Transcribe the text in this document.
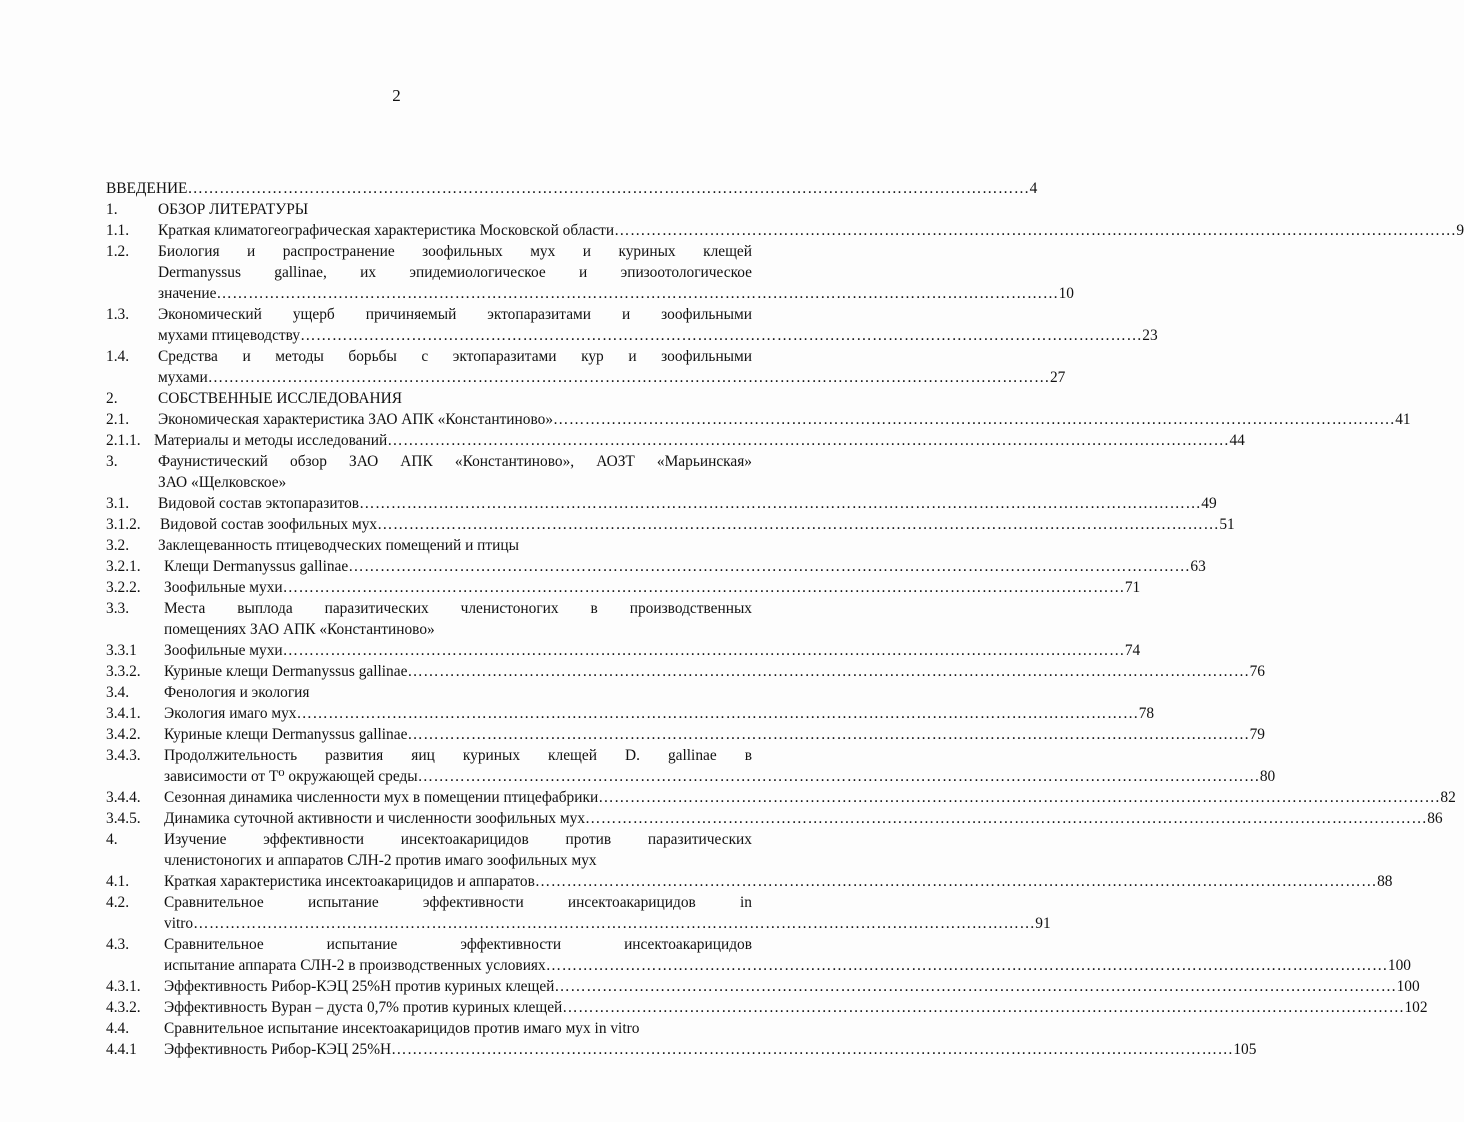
2
ВВЕДЕНИЕ ……………………………………………………………………………………………………………………………………………	4
1.	ОБЗОР ЛИТЕРАТУРЫ
1.1.	Краткая климатогеографическая характеристика Московской области ……………………………………………………………………………………………………………………………………………	9
1.2.	Биология и распространение зоофильных мух и куриных клещей
Dermanyssus gallinae, их эпидемиологическое и эпизоотологическое
значение ……………………………………………………………………………………………………………………………………………	10
1.3.	Экономический ущерб причиняемый эктопаразитами и зоофильными
мухами птицеводству ……………………………………………………………………………………………………………………………………………	23
1.4.	Средства и методы борьбы с эктопаразитами кур и зоофильными
мухами ……………………………………………………………………………………………………………………………………………	27
2.	СОБСТВЕННЫЕ ИССЛЕДОВАНИЯ
2.1.	Экономическая характеристика ЗАО АПК «Константиново» ……………………………………………………………………………………………………………………………………………	41
2.1.1. Материалы и методы исследований ……………………………………………………………………………………………………………………………………………	44
3.	Фаунистический обзор ЗАО АПК «Константиново», АОЗТ «Марьинская»
ЗАО «Щелковское»
3.1.	Видовой состав эктопаразитов ……………………………………………………………………………………………………………………………………………	49
3.1.2.	Видовой состав зоофильных мух ……………………………………………………………………………………………………………………………………………	51
3.2.	Заклещеванность птицеводческих помещений и птицы
3.2.1.	Клещи Dermanyssus gallinae ……………………………………………………………………………………………………………………………………………	63
3.2.2.	Зоофильные мухи ……………………………………………………………………………………………………………………………………………	71
3.3.	Места выплода паразитических членистоногих в производственных
помещениях ЗАО АПК «Константиново»
3.3.1	Зоофильные мухи ……………………………………………………………………………………………………………………………………………	74
3.3.2.	Куриные клещи Dermanyssus gallinae ……………………………………………………………………………………………………………………………………………	76
3.4.	Фенология и экология
3.4.1.	Экология имаго мух ……………………………………………………………………………………………………………………………………………	78
3.4.2.	Куриные клещи Dermanyssus gallinae ……………………………………………………………………………………………………………………………………………	79
3.4.3.	Продолжительность развития яиц куриных клещей D. gallinae в
зависимости от Т⁰ окружающей среды ……………………………………………………………………………………………………………………………………………	80
3.4.4.	Сезонная динамика численности мух в помещении птицефабрики ……………………………………………………………………………………………………………………………………………	82
3.4.5.	Динамика суточной активности и численности зоофильных мух ……………………………………………………………………………………………………………………………………………	86
4.	Изучение эффективности инсектоакарицидов против паразитических
членистоногих и аппаратов СЛН-2 против имаго зоофильных мух
4.1.	Краткая характеристика инсектоакарицидов и аппаратов ……………………………………………………………………………………………………………………………………………	88
4.2.	Сравнительное испытание эффективности инсектоакарицидов in
vitro ……………………………………………………………………………………………………………………………………………	91
4.3.	Сравнительное испытание эффективности инсектоакарицидов
испытание аппарата СЛН-2 в производственных условиях ……………………………………………………………………………………………………………………………………………	100
4.3.1.	Эффективность Рибор-КЭЦ 25%Н против куриных клещей ……………………………………………………………………………………………………………………………………………	100
4.3.2.	Эффективность Вуран – дуста 0,7% против куриных клещей ……………………………………………………………………………………………………………………………………………	102
4.4.	Сравнительное испытание инсектоакарицидов против имаго мух in vitro
4.4.1	Эффективность Рибор-КЭЦ 25%Н ……………………………………………………………………………………………………………………………………………	105
